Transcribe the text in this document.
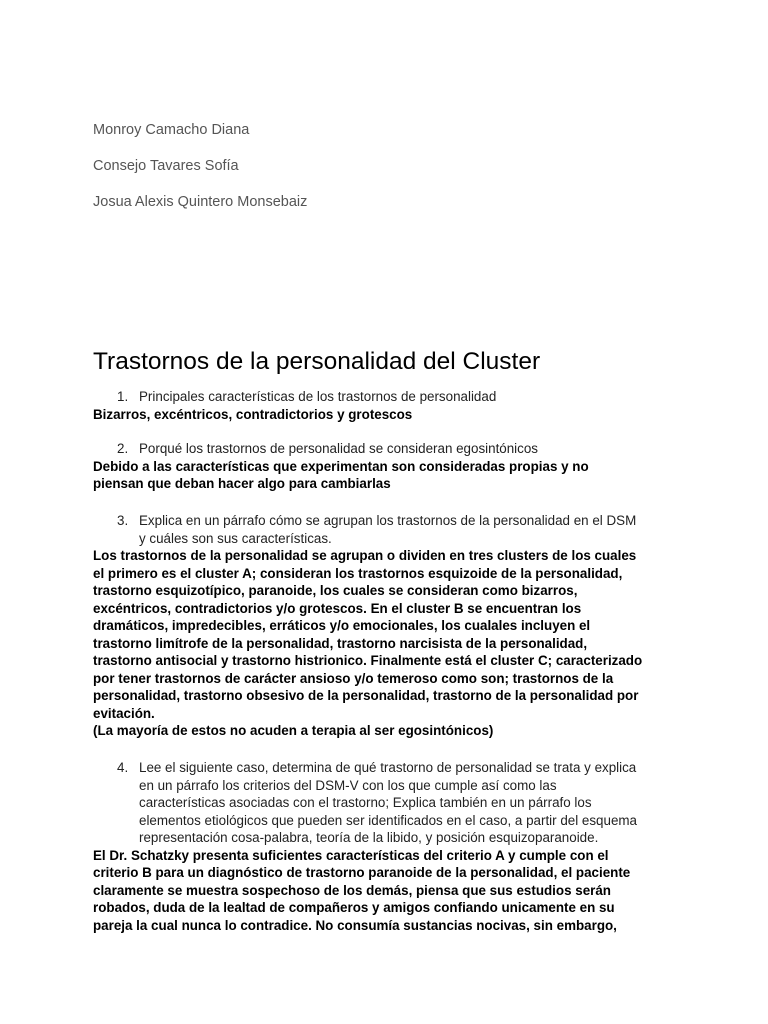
Monroy Camacho Diana

Consejo Tavares Sofía

Josua Alexis Quintero Monsebaiz

Trastornos de la personalidad del Cluster
1. Principales características de los trastornos de personalidad

Bizarros, excéntricos, contradictorios y grotescos

2. Porqué los trastornos de personalidad se consideran egosintónicos

Debido a las características que experimentan son consideradas propias y no
piensan que deban hacer algo para cambiarlas

3. Explica en un párrafo cómo se agrupan los trastornos de la personalidad en el DSM
y cuáles son sus características.

Los trastornos de la personalidad se agrupan o dividen en tres clusters de los cuales
el primero es el cluster A; consideran los trastornos esquizoide de la personalidad,
trastorno esquizotípico, paranoide, los cuales se consideran como bizarros,
excéntricos, contradictorios y/o grotescos. En el cluster B se encuentran los
dramáticos, impredecibles, erráticos y/o emocionales, los cualales incluyen el
trastorno limítrofe de la personalidad, trastorno narcisista de la personalidad,
trastorno antisocial y trastorno histrionico. Finalmente está el cluster C; caracterizado
por tener trastornos de carácter ansioso y/o temeroso como son; trastornos de la
personalidad, trastorno obsesivo de la personalidad, trastorno de la personalidad por
evitación.
(La mayoría de estos no acuden a terapia al ser egosintónicos)

4. Lee el siguiente caso, determina de qué trastorno de personalidad se trata y explica
en un párrafo los criterios del DSM-V con los que cumple así como las
características asociadas con el trastorno; Explica también en un párrafo los
elementos etiológicos que pueden ser identificados en el caso, a partir del esquema
representación cosa-palabra, teoría de la libido, y posición esquizoparanoide.

El Dr. Schatzky presenta suficientes características del criterio A y cumple con el
criterio B para un diagnóstico de trastorno paranoide de la personalidad, el paciente
claramente se muestra sospechoso de los demás, piensa que sus estudios serán
robados, duda de la lealtad de compañeros y amigos confiando unicamente en su
pareja la cual nunca lo contradice. No consumía sustancias nocivas, sin embargo,
